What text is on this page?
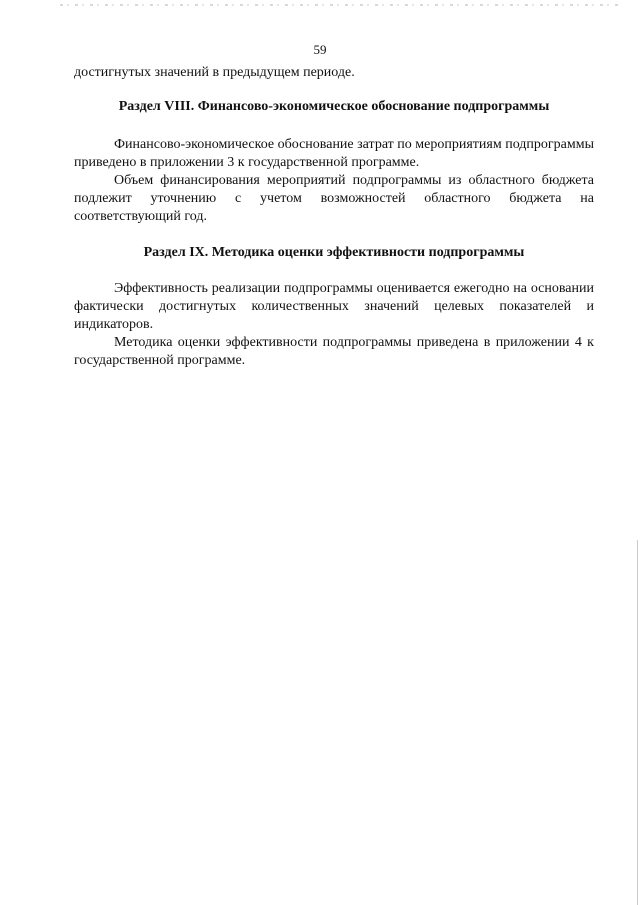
59

достигнутых значений в предыдущем периоде.

Раздел VIII. Финансово-экономическое обоснование подпрограммы

Финансово-экономическое обоснование затрат по мероприятиям подпрограммы приведено в приложении 3 к государственной программе.

Объем финансирования мероприятий подпрограммы из областного бюджета подлежит уточнению с учетом возможностей областного бюджета на соответствующий год.

Раздел IX. Методика оценки эффективности подпрограммы

Эффективность реализации подпрограммы оценивается ежегодно на основании фактически достигнутых количественных значений целевых показателей и индикаторов.

Методика оценки эффективности подпрограммы приведена в приложении 4 к государственной программе.
